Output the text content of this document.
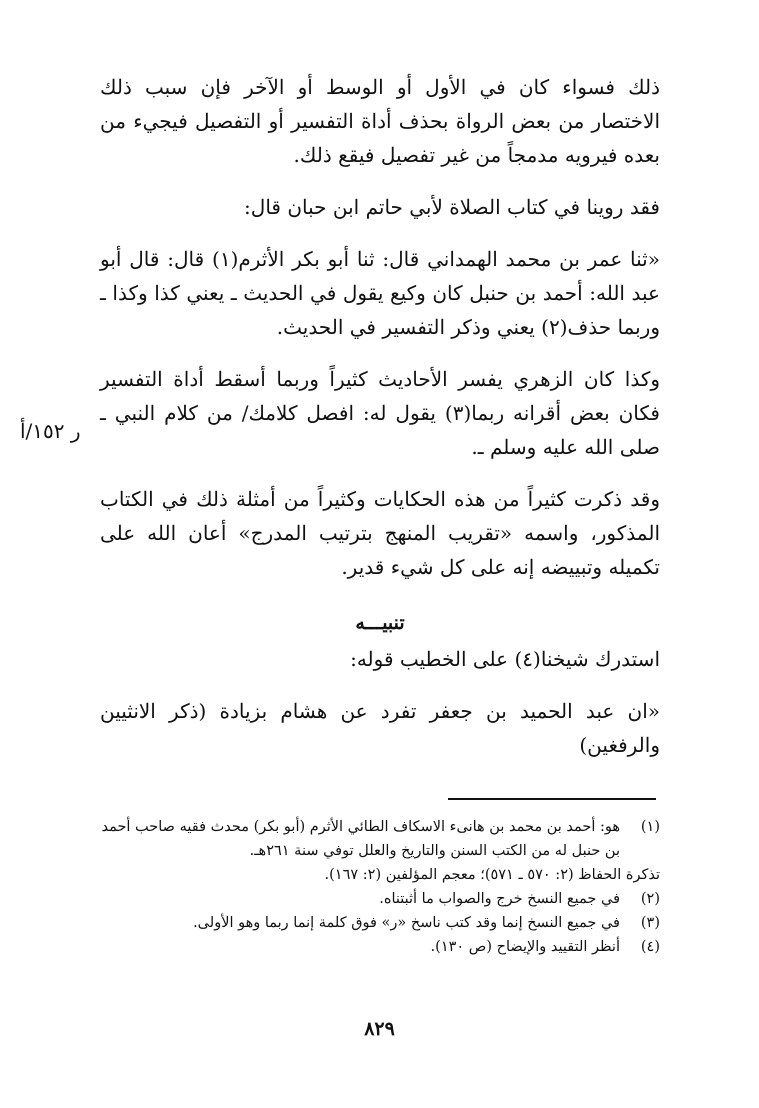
ذلك فسواء كان في الأول أو الوسط أو الآخر فإن سبب ذلك الاختصار من بعض الرواة بحذف أداة التفسير أو التفصيل فيجيء من بعده فيرويه مدمجاً من غير تفصيل فيقع ذلك.

فقد روينا في كتاب الصلاة لأبي حاتم ابن حبان قال:

«ثنا عمر بن محمد الهمداني قال: ثنا أبو بكر الأثرم(١) قال: قال أبو عبد الله: أحمد بن حنبل كان وكيع يقول في الحديث ـ يعني كذا وكذا ـ وربما حذف(٢) يعني وذكر التفسير في الحديث.

وكذا كان الزهري يفسر الأحاديث كثيراً وربما أسقط أداة التفسير فكان بعض أقرانه ربما(٣) يقول له: افصل كلامك/ من كلام النبي ـ صلى الله عليه وسلم ـ.

وقد ذكرت كثيراً من هذه الحكايات وكثيراً من أمثلة ذلك في الكتاب المذكور، واسمه «تقريب المنهج بترتيب المدرج» أعان الله على تكميله وتبييضه إنه على كل شيء قدير.

تنبيـــه

استدرك شيخنا(٤) على الخطيب قوله:

«ان عبد الحميد بن جعفر تفرد عن هشام بزيادة (ذكر الانثيين والرفغين)

ر ١٥٢/أ
(١)
هو: أحمد بن محمد بن هانىء الاسكاف الطائي الأثرم (أبو بكر) محدث فقيه صاحب أحمد بن حنبل له من الكتب السنن والتاريخ والعلل توفي سنة ٢٦١هـ.
تذكرة الحفاظ (٢: ٥٧٠ ـ ٥٧١)؛ معجم المؤلفين (٢: ١٦٧).
(٢)
في جميع النسخ خرج والصواب ما أثبتناه.
(٣)
في جميع النسخ إنما وقد كتب ناسخ «ر» فوق كلمة إنما ربما وهو الأولى.
(٤)
أنظر التقييد والإيضاح (ص ١٣٠).
٨٢٩
